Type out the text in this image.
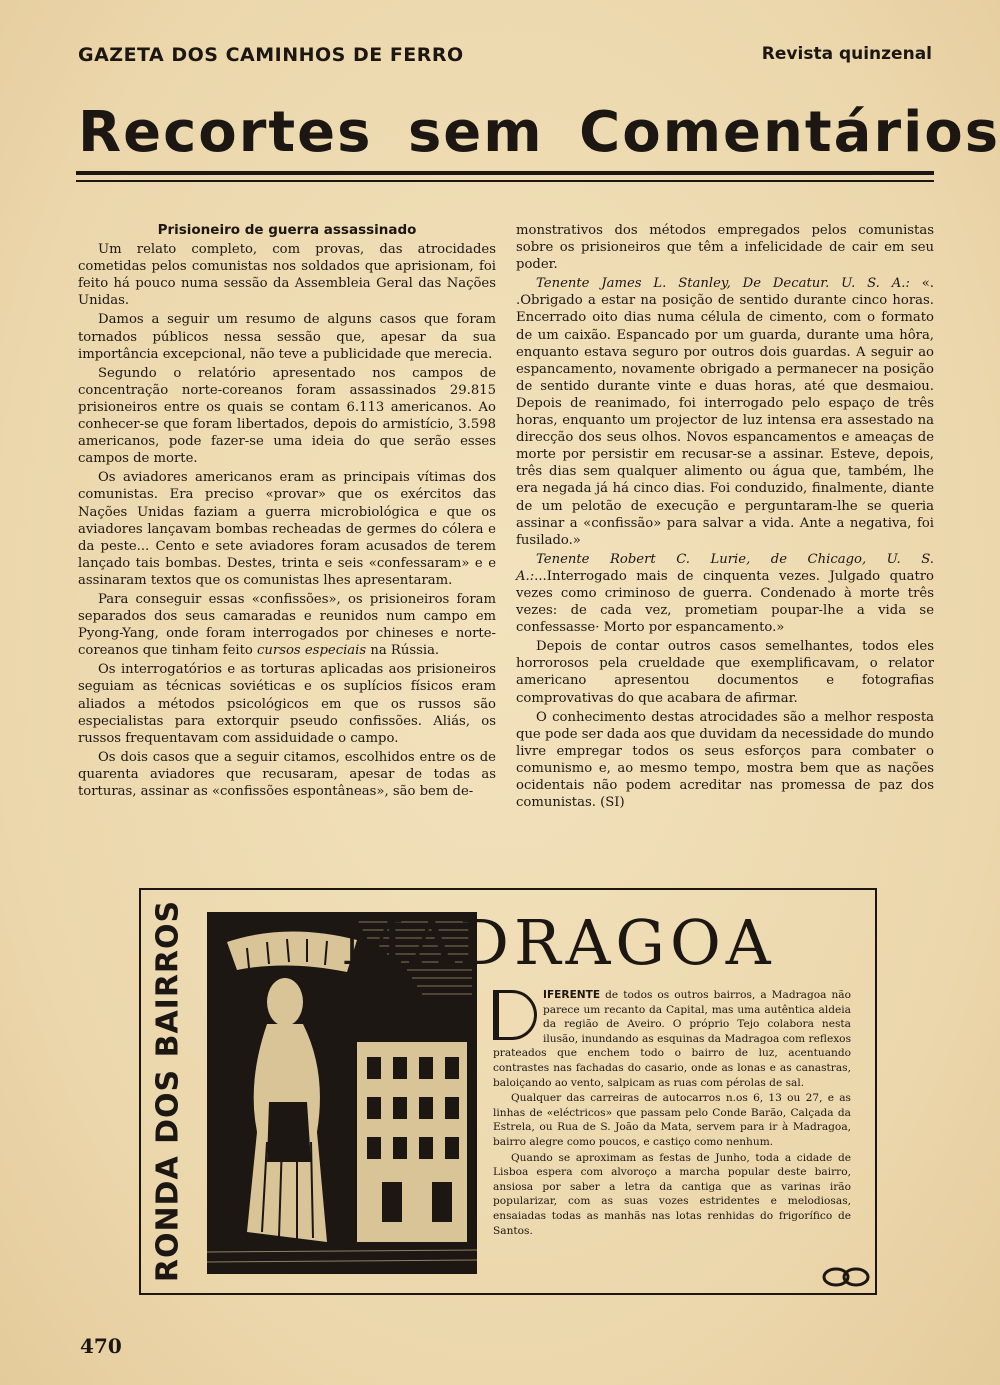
GAZETA DOS CAMINHOS DE FERRO	Revista quinzenal
Recortes sem Comentários

Prisioneiro de guerra assassinado

Um relato completo, com provas, das atrocidades cometidas pelos comunistas nos soldados que aprisionam, foi feito há pouco numa sessão da Assembleia Geral das Nações Unidas.

Damos a seguir um resumo de alguns casos que foram tornados públicos nessa sessão que, apesar da sua importância excepcional, não teve a publicidade que merecia.

Segundo o relatório apresentado nos campos de concentração norte-coreanos foram assassinados 29.815 prisioneiros entre os quais se contam 6.113 americanos. Ao conhecer-se que foram libertados, depois do armistício, 3.598 americanos, pode fazer-se uma ideia do que serão esses campos de morte.

Os aviadores americanos eram as principais vítimas dos comunistas. Era preciso «provar» que os exércitos das Nações Unidas faziam a guerra microbiológica e que os aviadores lançavam bombas recheadas de germes do cólera e da peste... Cento e sete aviadores foram acusados de terem lançado tais bombas. Destes, trinta e seis «confessaram» e e assinaram textos que os comunistas lhes apresentaram.

Para conseguir essas «confissões», os prisioneiros foram separados dos seus camaradas e reunidos num campo em Pyong-Yang, onde foram interrogados por chineses e norte-coreanos que tinham feito cursos especiais na Rússia.

Os interrogatórios e as torturas aplicadas aos prisioneiros seguiam as técnicas soviéticas e os suplícios físicos eram aliados a métodos psicológicos em que os russos são especialistas para extorquir pseudo confissões. Aliás, os russos frequentavam com assiduidade o campo.

Os dois casos que a seguir citamos, escolhidos entre os de quarenta aviadores que recusaram, apesar de todas as torturas, assinar as «confissões espontâneas», são bem de-

monstrativos dos métodos empregados pelos comunistas sobre os prisioneiros que têm a infelicidade de cair em seu poder.

Tenente James L. Stanley, De Decatur. U. S. A.: «. .Obrigado a estar na posição de sentido durante cinco horas. Encerrado oito dias numa célula de cimento, com o formato de um caixão. Espancado por um guarda, durante uma hôra, enquanto estava seguro por outros dois guardas. A seguir ao espancamento, novamente obrigado a permanecer na posição de sentido durante vinte e duas horas, até que desmaiou. Depois de reanimado, foi interrogado pelo espaço de três horas, enquanto um projector de luz intensa era assestado na direcção dos seus olhos. Novos espancamentos e ameaças de morte por persistir em recusar-se a assinar. Esteve, depois, três dias sem qualquer alimento ou água que, também, lhe era negada já há cinco dias. Foi conduzido, finalmente, diante de um pelotão de execução e perguntaram-lhe se queria assinar a «confissão» para salvar a vida. Ante a negativa, foi fusilado.»

Tenente Robert C. Lurie, de Chicago, U. S. A.:...Interrogado mais de cinquenta vezes. Julgado quatro vezes como criminoso de guerra. Condenado à morte três vezes: de cada vez, prometiam poupar-lhe a vida se confessasse· Morto por espancamento.»

Depois de contar outros casos semelhantes, todos eles horrorosos pela crueldade que exemplificavam, o relator americano apresentou documentos e fotografias comprovativas do que acabara de afirmar.

O conhecimento destas atrocidades são a melhor resposta que pode ser dada aos que duvidam da necessidade do mundo livre empregar todos os seus esforços para combater o comunismo e, ao mesmo tempo, mostra bem que as nações ocidentais não podem acreditar nas promessa de paz dos comunistas. (SI)

RONDA DOS BAIRROS	MADRAGOA

IFERENTE de todos os outros bairros, a Madragoa não parece um recanto da Capital, mas uma autêntica aldeia da região de Aveiro. O próprio Tejo colabora nesta ilusão, inundando as esquinas da Madragoa com reflexos prateados que enchem todo o bairro de luz, acentuando contrastes nas fachadas do casario, onde as lonas e as canastras, baloiçando ao vento, salpicam as ruas com pérolas de sal.

Qualquer das carreiras de autocarros n.os 6, 13 ou 27, e as linhas de «eléctricos» que passam pelo Conde Barão, Calçada da Estrela, ou Rua de S. João da Mata, servem para ir à Madragoa, bairro alegre como poucos, e castiço como nenhum.

Quando se aproximam as festas de Junho, toda a cidade de Lisboa espera com alvoroço a marcha popular deste bairro, ansiosa por saber a letra da cantiga que as varinas irão popularizar, com as suas vozes estridentes e melodiosas, ensaiadas todas as manhãs nas lotas renhidas do frigorífico de Santos.

470
